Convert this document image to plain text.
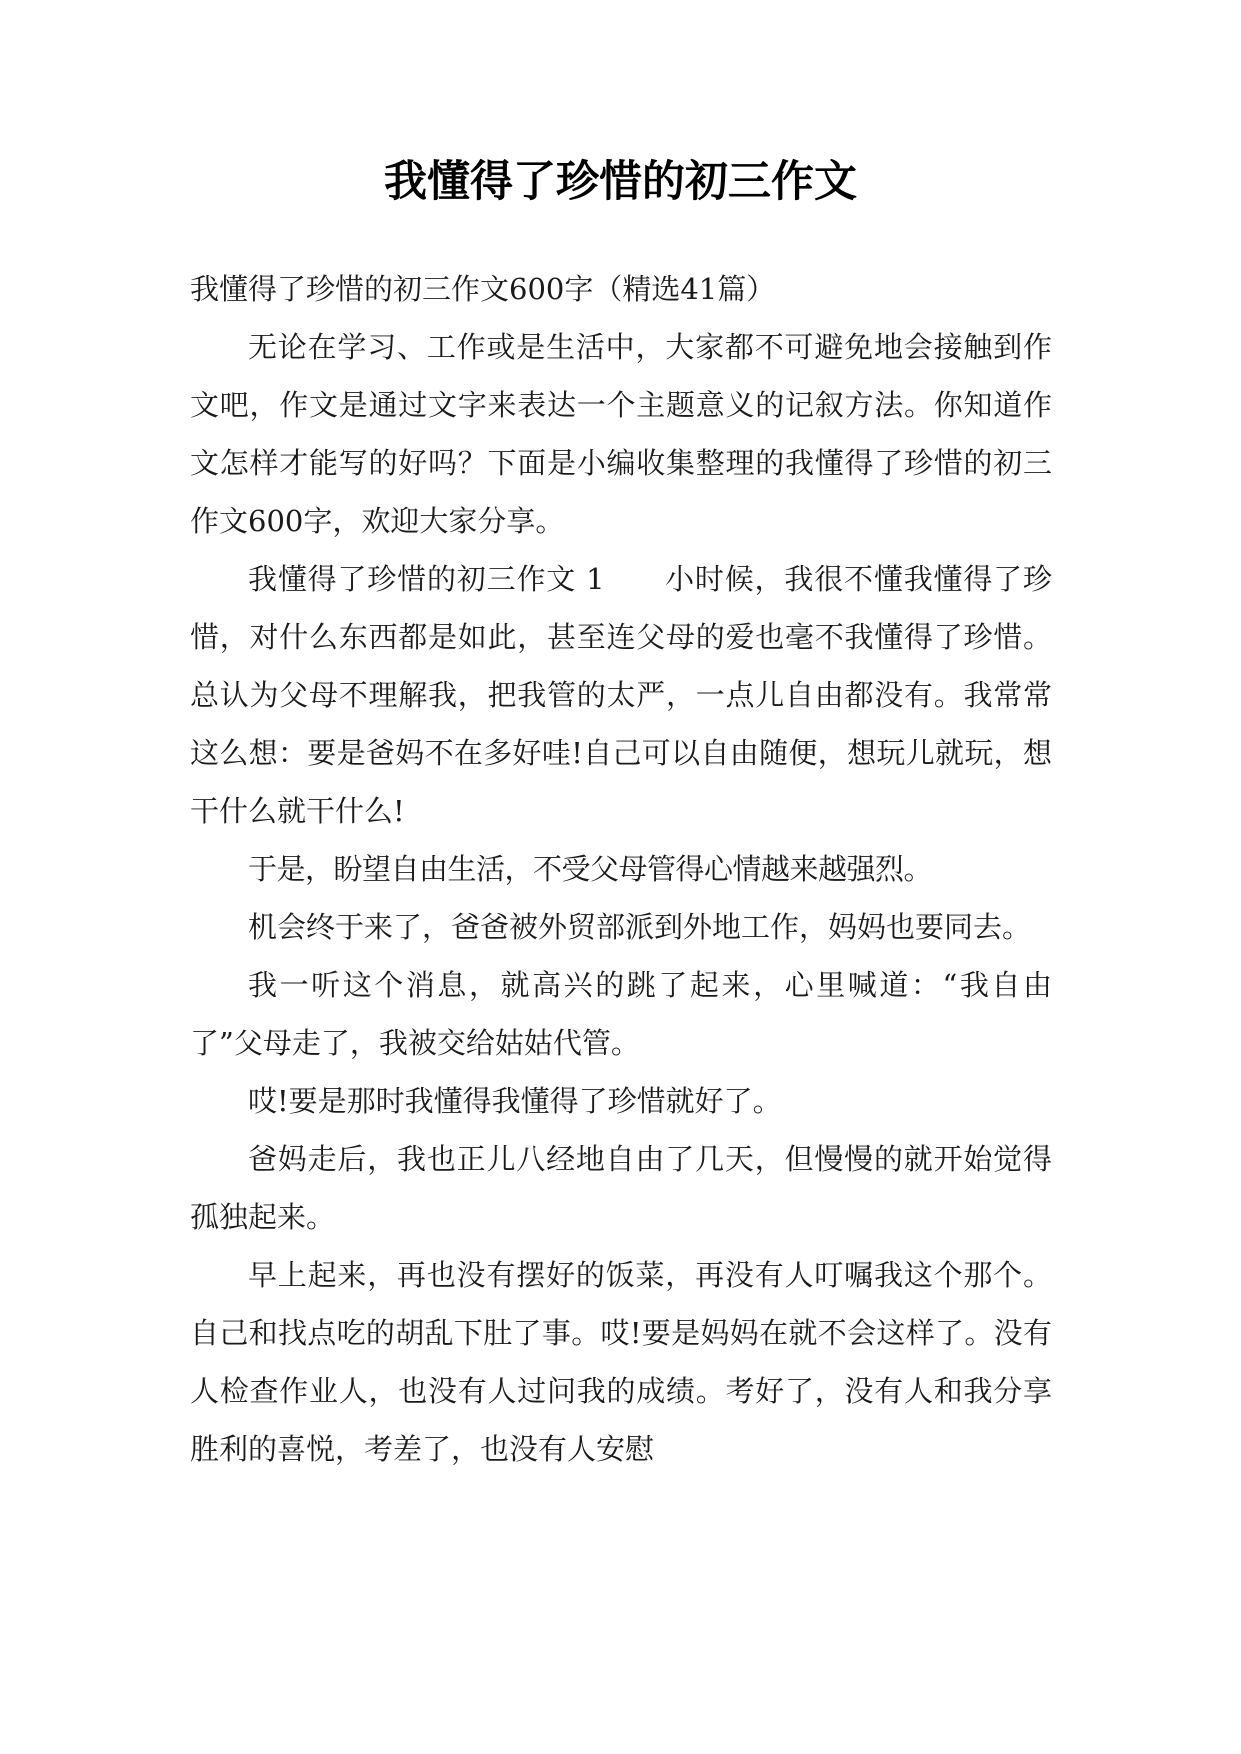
我懂得了珍惜的初三作文

我懂得了珍惜的初三作文600字（精选41篇）

无论在学习、工作或是生活中，大家都不可避免地会接触到作文吧，作文是通过文字来表达一个主题意义的记叙方法。你知道作文怎样才能写的好吗？下面是小编收集整理的我懂得了珍惜的初三作文600字，欢迎大家分享。

我懂得了珍惜的初三作文 1　　小时候，我很不懂我懂得了珍惜，对什么东西都是如此，甚至连父母的爱也毫不我懂得了珍惜。总认为父母不理解我，把我管的太严，一点儿自由都没有。我常常这么想：要是爸妈不在多好哇!自己可以自由随便，想玩儿就玩，想干什么就干什么!

于是，盼望自由生活，不受父母管得心情越来越强烈。

机会终于来了，爸爸被外贸部派到外地工作，妈妈也要同去。

我一听这个消息，就高兴的跳了起来，心里喊道：“我自由了”父母走了，我被交给姑姑代管。

哎!要是那时我懂得我懂得了珍惜就好了。

爸妈走后，我也正儿八经地自由了几天，但慢慢的就开始觉得孤独起来。

早上起来，再也没有摆好的饭菜，再没有人叮嘱我这个那个。自己和找点吃的胡乱下肚了事。哎!要是妈妈在就不会这样了。没有人检查作业人，也没有人过问我的成绩。考好了，没有人和我分享胜利的喜悦，考差了，也没有人安慰
